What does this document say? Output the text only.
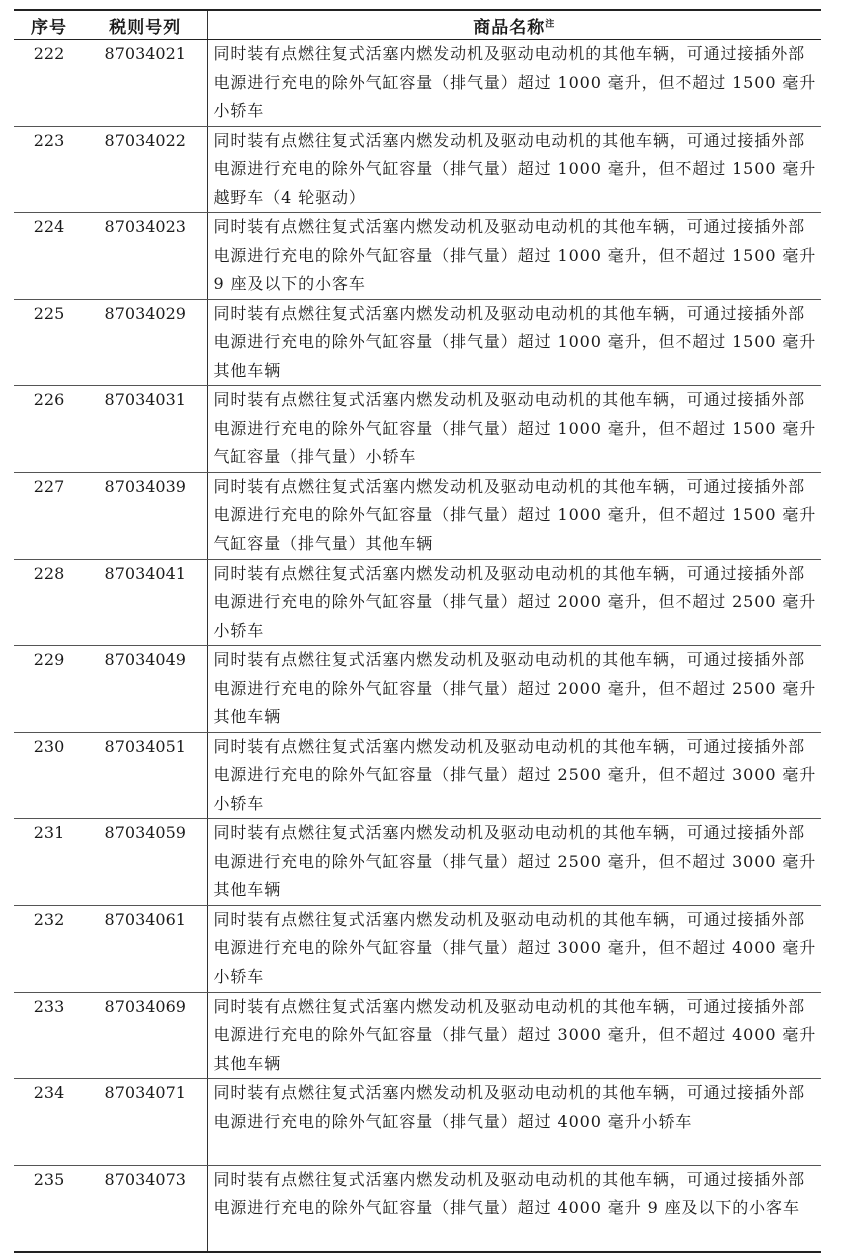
序号	税则号列	商品名称$^注$
222	87034021	同时装有点燃往复式活塞内燃发动机及驱动电动机的其他车辆，可通过接插外部电源进行充电的除外气缸容量（排气量）超过 1000 毫升，但不超过 1500 毫升小轿车
223	87034022	同时装有点燃往复式活塞内燃发动机及驱动电动机的其他车辆，可通过接插外部电源进行充电的除外气缸容量（排气量）超过 1000 毫升，但不超过 1500 毫升越野车（4 轮驱动）
224	87034023	同时装有点燃往复式活塞内燃发动机及驱动电动机的其他车辆，可通过接插外部电源进行充电的除外气缸容量（排气量）超过 1000 毫升，但不超过 1500 毫升 9 座及以下的小客车
225	87034029	同时装有点燃往复式活塞内燃发动机及驱动电动机的其他车辆，可通过接插外部电源进行充电的除外气缸容量（排气量）超过 1000 毫升，但不超过 1500 毫升其他车辆
226	87034031	同时装有点燃往复式活塞内燃发动机及驱动电动机的其他车辆，可通过接插外部电源进行充电的除外气缸容量（排气量）超过 1000 毫升，但不超过 1500 毫升气缸容量（排气量）小轿车
227	87034039	同时装有点燃往复式活塞内燃发动机及驱动电动机的其他车辆，可通过接插外部电源进行充电的除外气缸容量（排气量）超过 1000 毫升，但不超过 1500 毫升气缸容量（排气量）其他车辆
228	87034041	同时装有点燃往复式活塞内燃发动机及驱动电动机的其他车辆，可通过接插外部电源进行充电的除外气缸容量（排气量）超过 2000 毫升，但不超过 2500 毫升小轿车
229	87034049	同时装有点燃往复式活塞内燃发动机及驱动电动机的其他车辆，可通过接插外部电源进行充电的除外气缸容量（排气量）超过 2000 毫升，但不超过 2500 毫升其他车辆
230	87034051	同时装有点燃往复式活塞内燃发动机及驱动电动机的其他车辆，可通过接插外部电源进行充电的除外气缸容量（排气量）超过 2500 毫升，但不超过 3000 毫升小轿车
231	87034059	同时装有点燃往复式活塞内燃发动机及驱动电动机的其他车辆，可通过接插外部电源进行充电的除外气缸容量（排气量）超过 2500 毫升，但不超过 3000 毫升其他车辆
232	87034061	同时装有点燃往复式活塞内燃发动机及驱动电动机的其他车辆，可通过接插外部电源进行充电的除外气缸容量（排气量）超过 3000 毫升，但不超过 4000 毫升小轿车
233	87034069	同时装有点燃往复式活塞内燃发动机及驱动电动机的其他车辆，可通过接插外部电源进行充电的除外气缸容量（排气量）超过 3000 毫升，但不超过 4000 毫升其他车辆
234	87034071	同时装有点燃往复式活塞内燃发动机及驱动电动机的其他车辆，可通过接插外部电源进行充电的除外气缸容量（排气量）超过 4000 毫升小轿车
235	87034073	同时装有点燃往复式活塞内燃发动机及驱动电动机的其他车辆，可通过接插外部电源进行充电的除外气缸容量（排气量）超过 4000 毫升 9 座及以下的小客车
